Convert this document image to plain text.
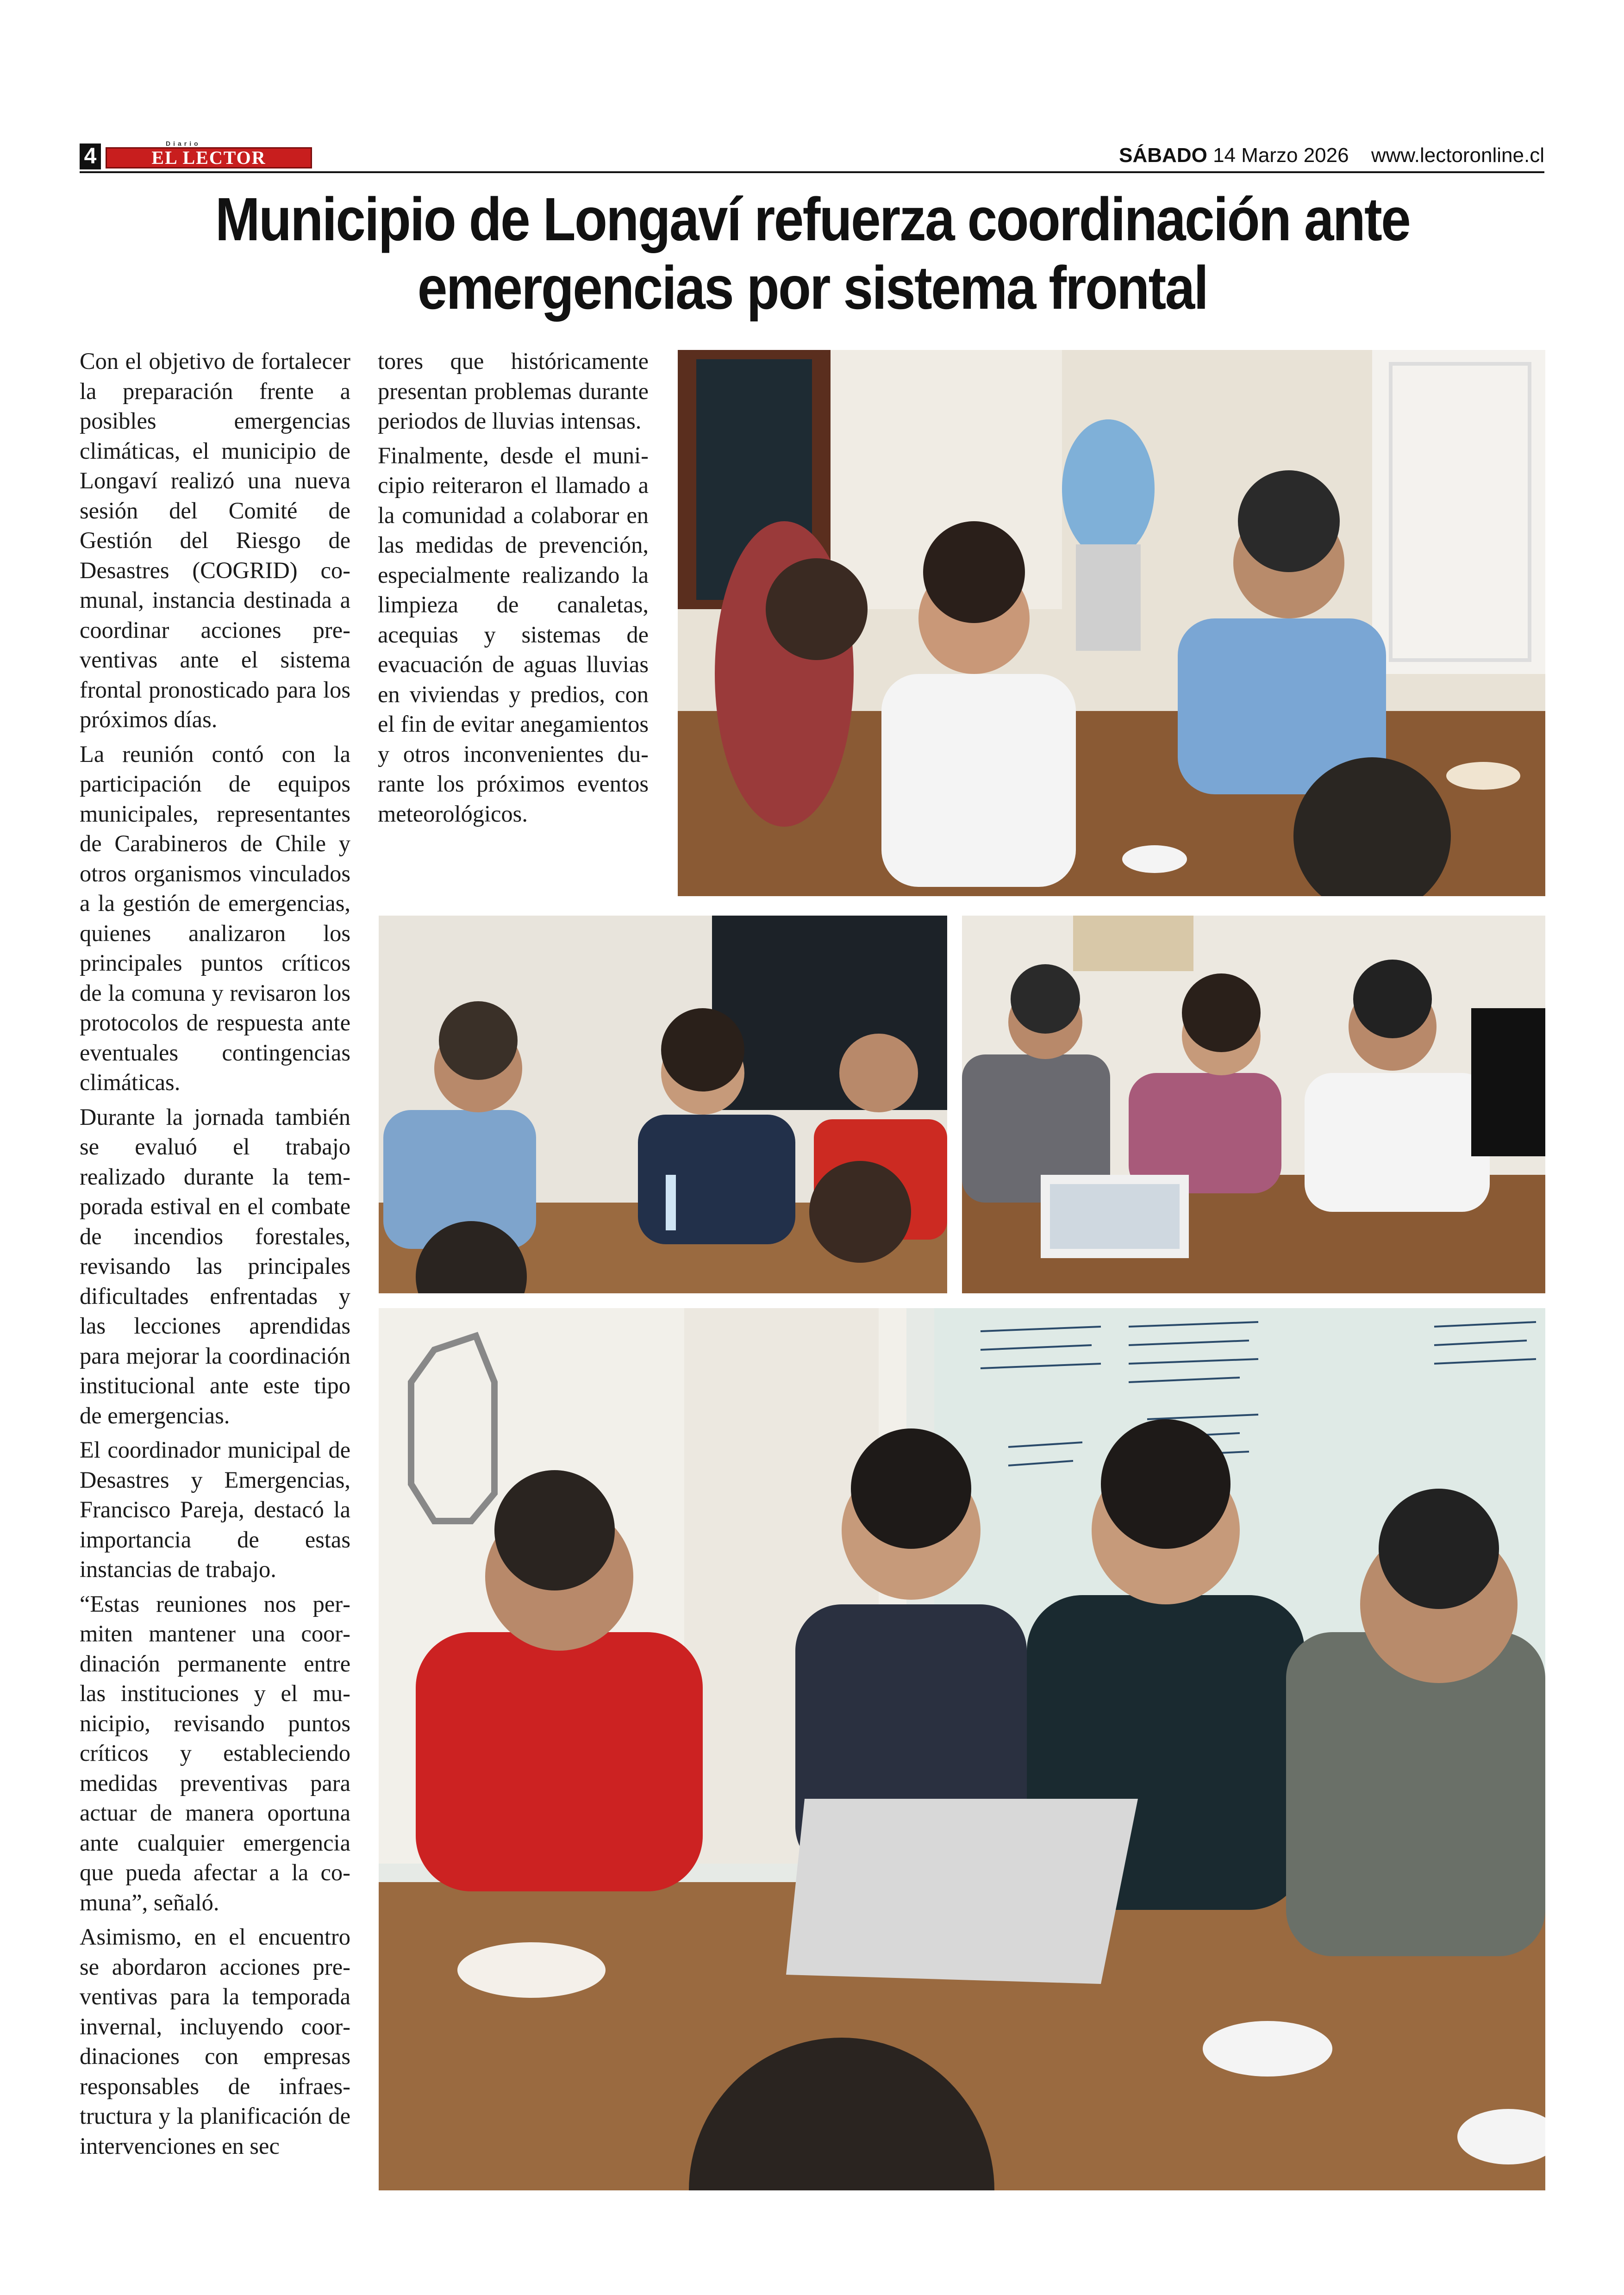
4
Diario
EL LECTOR	SÁBADO 14 Marzo 2026 www.lectoronline.cl
Municipio de Longaví refuerza coordinación ante
emergencias por sistema frontal

Con el objetivo de fortalecer la preparación frente a posibles emergencias climáticas, el municipio de Longaví realizó una nueva sesión del Comité de Gestión del Riesgo de Desastres (COGRID) comunal, instancia destinada a coordinar acciones preventivas ante el sistema frontal pronosticado para los próximos días.

La reunión contó con la participación de equipos municipales, representantes de Carabineros de Chile y otros organismos vinculados a la gestión de emergencias, quienes analizaron los principales puntos críticos de la comuna y revisaron los protocolos de respuesta ante eventuales contingencias climáticas.

Durante la jornada también se evaluó el trabajo realizado durante la temporada estival en el combate de incendios forestales, revisando las principales dificultades enfrentadas y las lecciones aprendidas para mejorar la coordinación institucional ante este tipo de emergencias.

El coordinador municipal de Desastres y Emergencias, Francisco Pareja, destacó la importancia de estas instancias de trabajo.

“Estas reuniones nos permiten mantener una coordinación permanente entre las instituciones y el municipio, revisando puntos críticos y estableciendo medidas preventivas para actuar de manera oportuna ante cualquier emergencia que pueda afectar a la comuna”, señaló.

Asimismo, en el encuentro se abordaron acciones preventivas para la temporada invernal, incluyendo coordinaciones con empresas responsables de infraestructura y la planificación de intervenciones en sec

tores que históricamente presentan problemas durante periodos de lluvias intensas.

Finalmente, desde el municipio reiteraron el llamado a la comunidad a colaborar en las medidas de prevención, especialmente realizando la limpieza de canaletas, acequias y sistemas de evacuación de aguas lluvias en viviendas y predios, con el fin de evitar anegamientos y otros inconvenientes durante los próximos eventos meteorológicos.
